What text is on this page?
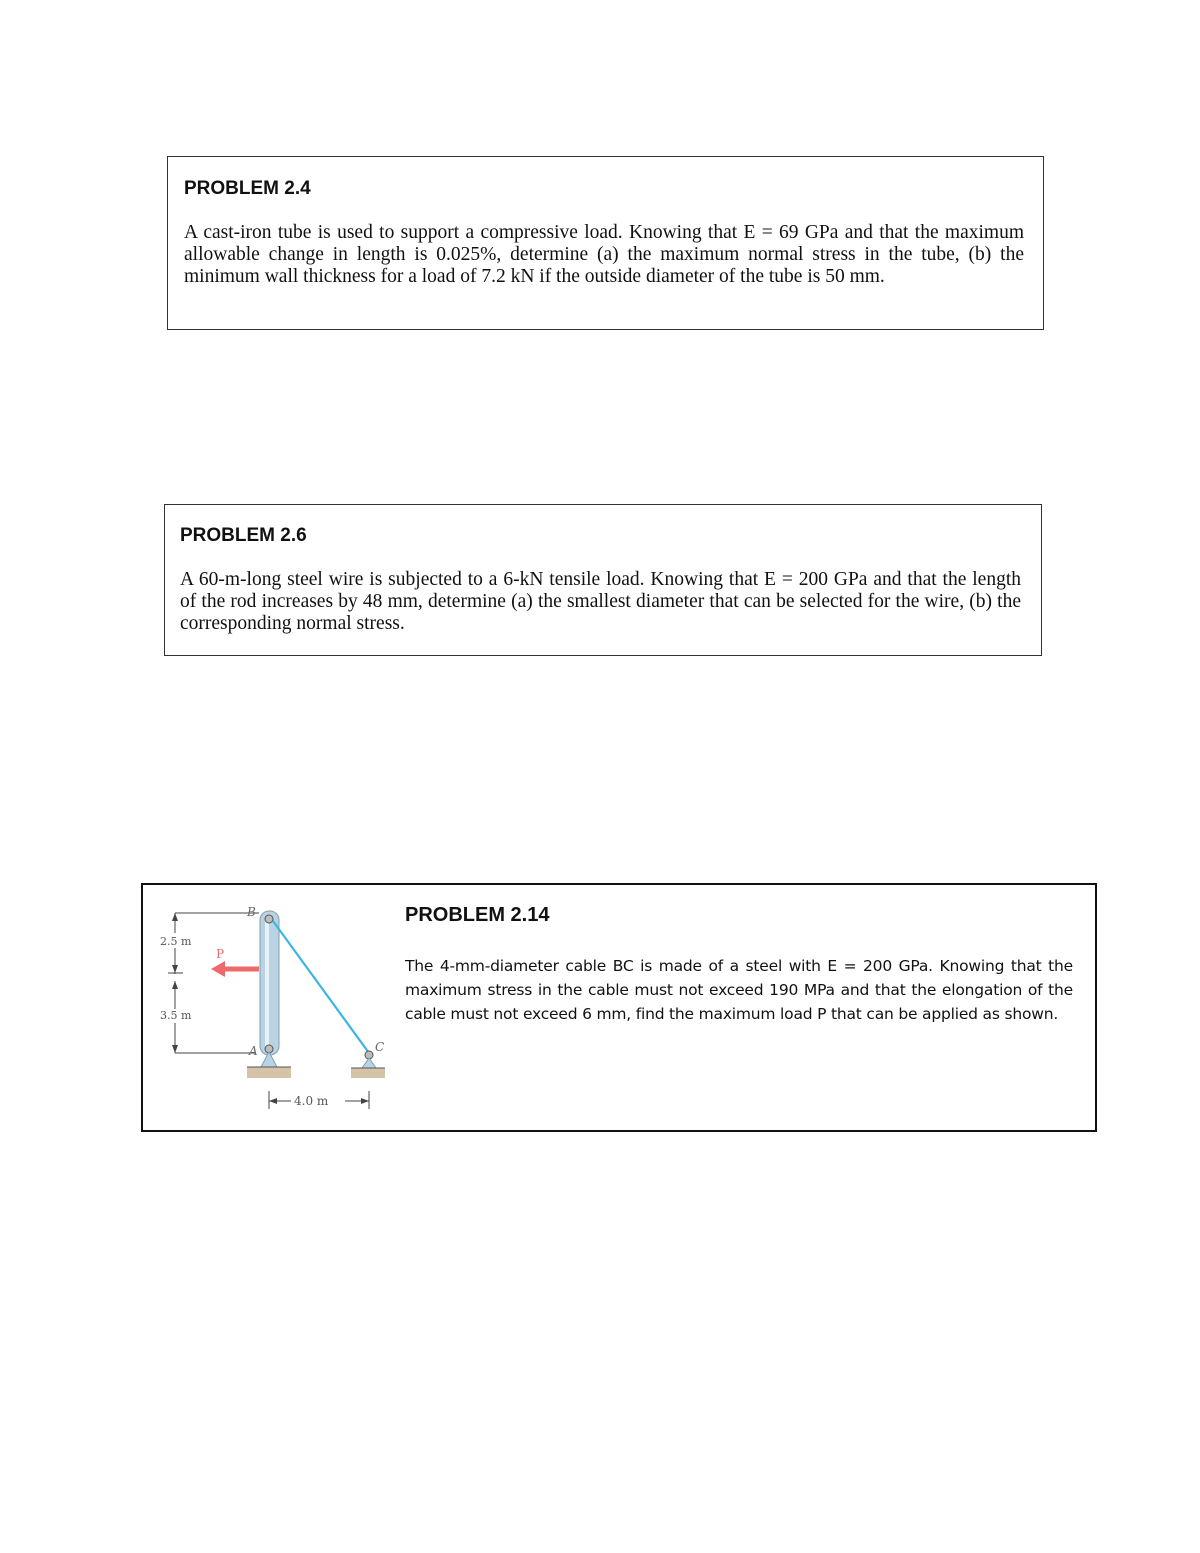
PROBLEM 2.4

A cast-iron tube is used to support a compressive load. Knowing that E = 69 GPa and that the maximum allowable change in length is 0.025%, determine (a) the maximum normal stress in the tube, (b) the minimum wall thickness for a load of 7.2 kN if the outside diameter of the tube is 50 mm.

PROBLEM 2.6

A 60-m-long steel wire is subjected to a 6-kN tensile load. Knowing that E = 200 GPa and that the length of the rod increases by 48 mm, determine (a) the smallest diameter that can be selected for the wire, (b) the corresponding normal stress.

2.5 m
3.5 m
P
B
A	C
4.0 m
PROBLEM 2.14

The 4-mm-diameter cable BC is made of a steel with E = 200 GPa. Knowing that the maximum stress in the cable must not exceed 190 MPa and that the elongation of the cable must not exceed 6 mm, find the maximum load P that can be applied as shown.
